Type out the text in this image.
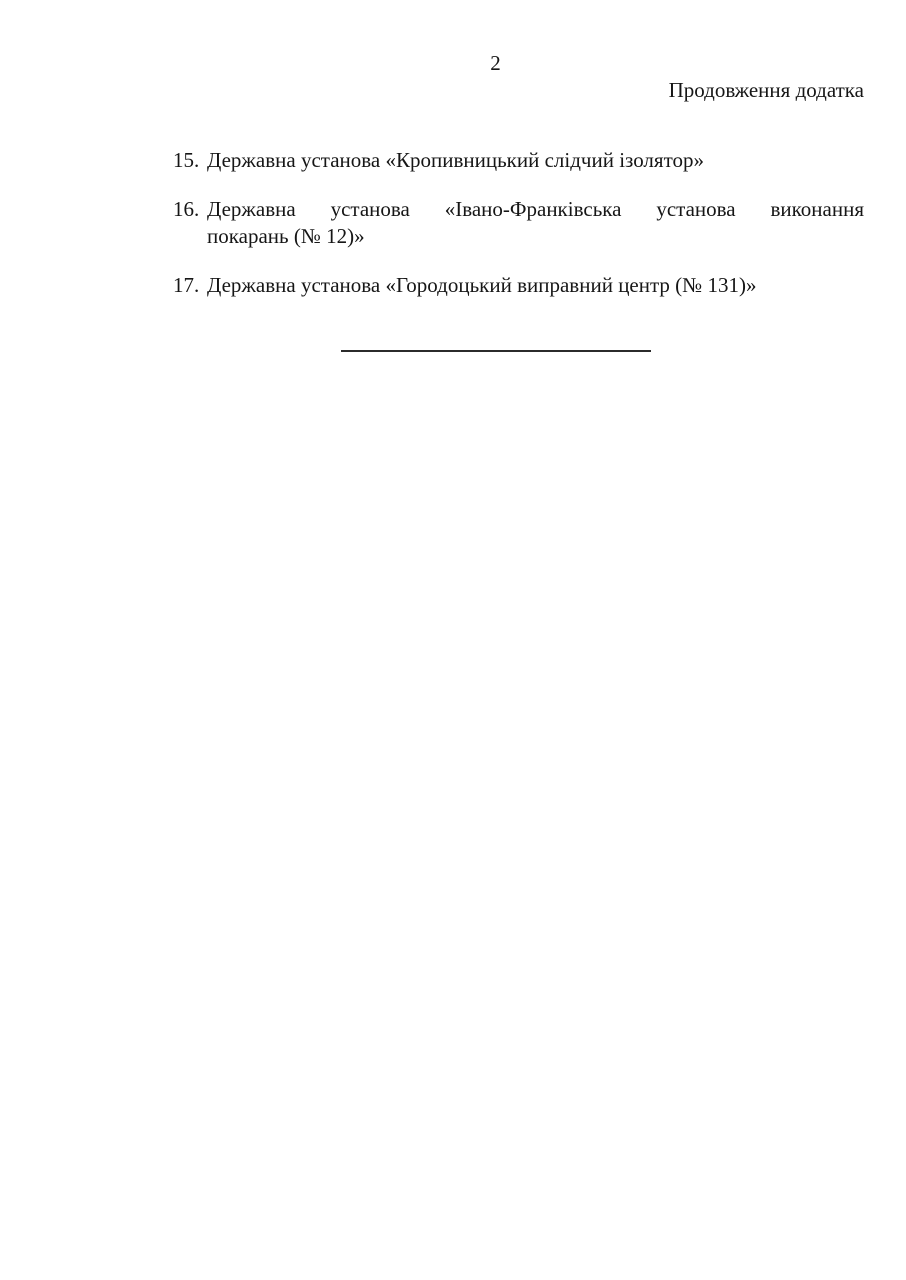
2
Продовження додатка
15. Державна установа «Кропивницький слідчий ізолятор»
16. Державна установа «Івано-Франківська установа виконання
покарань (№ 12)»
17. Державна установа «Городоцький виправний центр (№ 131)»
